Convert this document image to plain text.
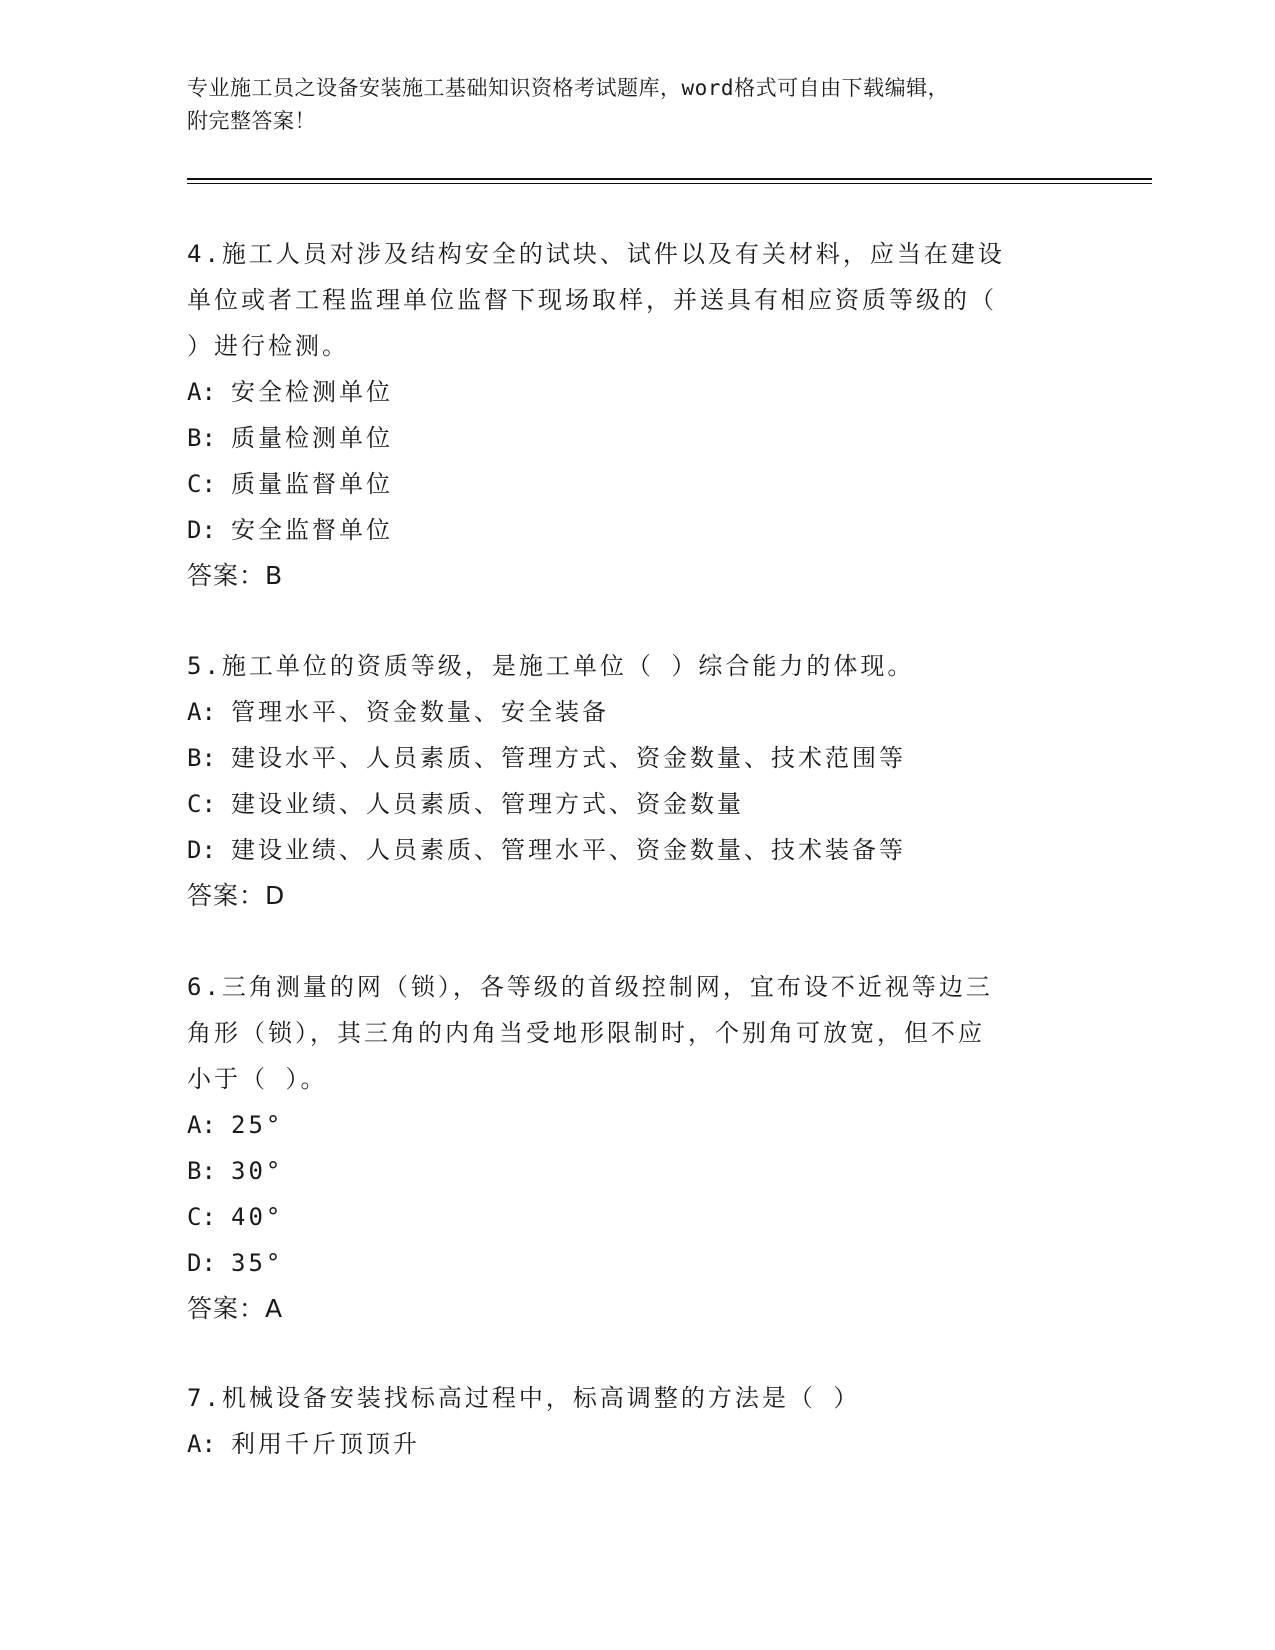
专业施工员之设备安装施工基础知识资格考试题库，word格式可自由下载编辑，
附完整答案！

4.施工人员对涉及结构安全的试块、试件以及有关材料，应当在建设

单位或者工程监理单位监督下现场取样，并送具有相应资质等级的（

）进行检测。

A: 安全检测单位

B: 质量检测单位

C: 质量监督单位

D: 安全监督单位

答案：B

5.施工单位的资质等级，是施工单位（ ）综合能力的体现。

A: 管理水平、资金数量、安全装备

B: 建设水平、人员素质、管理方式、资金数量、技术范围等

C: 建设业绩、人员素质、管理方式、资金数量

D: 建设业绩、人员素质、管理水平、资金数量、技术装备等

答案：D

6.三角测量的网（锁），各等级的首级控制网，宜布设不近视等边三

角形（锁），其三角的内角当受地形限制时，个别角可放宽，但不应

小于（ ）。

A: 25°

B: 30°

C: 40°

D: 35°

答案：A

7.机械设备安装找标高过程中，标高调整的方法是（ ）

A: 利用千斤顶顶升
